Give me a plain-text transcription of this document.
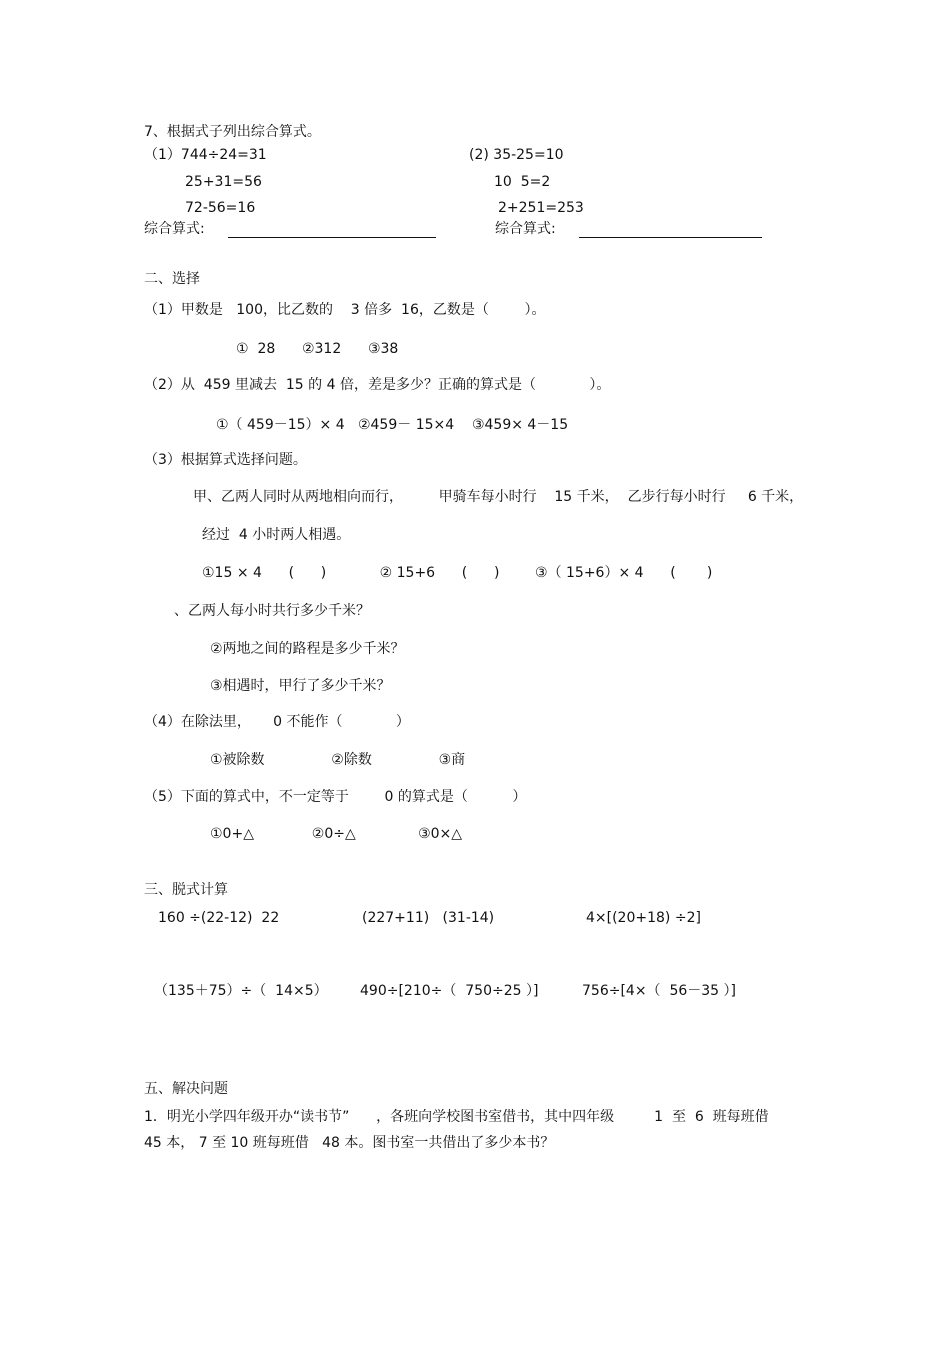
7、根据式子列出综合算式。
（1）744÷24=31
25+31=56
72-56=16
(2) 35-25=10
10  5=2
2+251=253
综合算式:	综合算式:
二、选择
（1）甲数是   100，比乙数的    3 倍多  16，乙数是（        ）。
①  28      ②312      ③38
（2）从  459 里减去  15 的 4 倍，差是多少？正确的算式是（            ）。
①（ 459－15）× 4   ②459－ 15×4    ③459× 4－15
（3）根据算式选择问题。
甲、乙两人同时从两地相向而行，        甲骑车每小时行    15 千米，  乙步行每小时行     6 千米，
经过  4 小时两人相遇。
①15 × 4      (      )            ② 15+6      (      )        ③（ 15+6）× 4      (       )
、乙两人每小时共行多少千米？
②两地之间的路程是多少千米？
③相遇时，甲行了多少千米？
（4）在除法里，     0 不能作（            ）
①被除数               ②除数               ③商
（5）下面的算式中，不一定等于        0 的算式是（          ）
①0+△             ②0÷△              ③0×△
三、脱式计算
160 ÷(22-12)  22	(227+11)   (31-14)	4×[(20+18) ÷2]
（135＋75）÷（  14×5） 490÷[210÷（  750÷25 ）]	756÷[4×（  56－35 ）]
五、解决问题
1．明光小学四年级开办“读书节”      ，各班向学校图书室借书，其中四年级         1  至  6  班每班借
45 本， 7 至 10 班每班借   48 本。图书室一共借出了多少本书？
